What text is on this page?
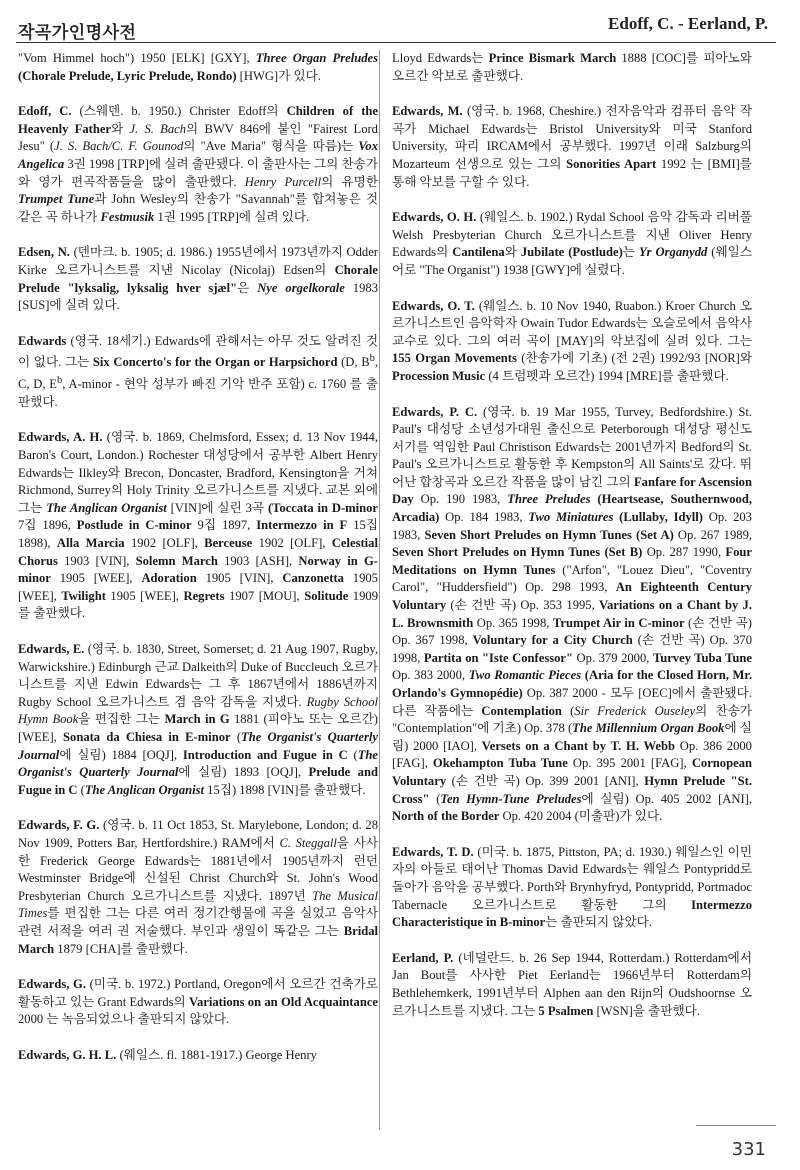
작곡가인명사전	Edoff, C. - Eerland, P.

"Vom Himmel hoch") 1950 [ELK] [GXY], Three Organ Preludes (Chorale Prelude, Lyric Prelude, Rondo) [HWG]가 있다.

Edoff, C. (스웨덴. b. 1950.) Christer Edoff의 Children of the Heavenly Father와 J. S. Bach의 BWV 846에 붙인 "Fairest Lord Jesu" (J. S. Bach/C. F. Gounod의 "Ave Maria" 형식을 따름)는 Vox Angelica 3권 1998 [TRP]에 실려 출판됐다. 이 출판사는 그의 찬송가와 영가 편곡작품들을 많이 출판했다. Henry Purcell의 유명한 Trumpet Tune과 John Wesley의 찬송가 "Savannah"를 합쳐놓은 것 같은 곡 하나가 Festmusik 1권 1995 [TRP]에 실려 있다.

Edsen, N. (덴마크. b. 1905; d. 1986.) 1955년에서 1973년까지 Odder Kirke 오르가니스트를 지낸 Nicolay (Nicolaj) Edsen의 Chorale Prelude "lyksalig, lyksalig hver sjæl"은 Nye orgelkorale 1983 [SUS]에 실려 있다.

Edwards (영국. 18세기.) Edwards에 관해서는 아무 것도 알려진 것이 없다. 그는 Six Concerto's for the Organ or Harpsichord (D, $B^b$, C, D, $E^b$, A-minor - 현악 성부가 빠진 기악 반주 포함) c. 1760 를 출판했다.

Edwards, A. H. (영국. b. 1869, Chelmsford, Essex; d. 13 Nov 1944, Baron's Court, London.) Rochester 대성당에서 공부한 Albert Henry Edwards는 Ilkley와 Brecon, Doncaster, Bradford, Kensington을 거쳐 Richmond, Surrey의 Holy Trinity 오르가니스트를 지냈다. 교본 외에 그는 The Anglican Organist [VIN]에 실린 3곡 (Toccata in D-minor 7집 1896, Postlude in C-minor 9집 1897, Intermezzo in F 15집 1898), Alla Marcia 1902 [OLF], Berceuse 1902 [OLF], Celestial Chorus 1903 [VIN], Solemn March 1903 [ASH], Norway in G-minor 1905 [WEE], Adoration 1905 [VIN], Canzonetta 1905 [WEE], Twilight 1905 [WEE], Regrets 1907 [MOU], Solitude 1909 를 출판했다.

Edwards, E. (영국. b. 1830, Street, Somerset; d. 21 Aug 1907, Rugby, Warwickshire.) Edinburgh 근교 Dalkeith의 Duke of Buccleuch 오르가니스트를 지낸 Edwin Edwards는 그 후 1867년에서 1886년까지 Rugby School 오르가니스트 겸 음악 감독을 지냈다. Rugby School Hymn Book을 편집한 그는 March in G 1881 (피아노 또는 오르간) [WEE], Sonata da Chiesa in E-minor (The Organist's Quarterly Journal에 실림) 1884 [OQJ], Introduction and Fugue in C (The Organist's Quarterly Journal에 실림) 1893 [OQJ], Prelude and Fugue in C (The Anglican Organist 15집) 1898 [VIN]를 출판했다.

Edwards, F. G. (영국. b. 11 Oct 1853, St. Marylebone, London; d. 28 Nov 1909, Potters Bar, Hertfordshire.) RAM에서 C. Steggall을 사사한 Frederick George Edwards는 1881년에서 1905년까지 런던 Westminster Bridge에 신설된 Christ Church와 St. John's Wood Presbyterian Church 오르가니스트를 지냈다. 1897년 The Musical Times를 편집한 그는 다른 여러 정기간행물에 곡을 실었고 음악사 관련 서적을 여러 권 저술했다. 부인과 생일이 똑같은 그는 Bridal March 1879 [CHA]를 출판했다.

Edwards, G. (미국. b. 1972.) Portland, Oregon에서 오르간 건축가로 활동하고 있는 Grant Edwards의 Variations on an Old Acquaintance 2000 는 녹음되었으나 출판되지 않았다.

Edwards, G. H. L. (웨일스. fl. 1881-1917.) George Henry

Lloyd Edwards는 Prince Bismark March 1888 [COC]를 피아노와 오르간 악보로 출판했다.

Edwards, M. (영국. b. 1968, Cheshire.) 전자음악과 컴퓨터 음악 작곡가 Michael Edwards는 Bristol University와 미국 Stanford University, 파리 IRCAM에서 공부했다. 1997년 이래 Salzburg의 Mozarteum 선생으로 있는 그의 Sonorities Apart 1992 는 [BMI]를 통해 악보를 구할 수 있다.

Edwards, O. H. (웨일스. b. 1902.) Rydal School 음악 감독과 리버풀 Welsh Presbyterian Church 오르가니스트를 지낸 Oliver Henry Edwards의 Cantilena와 Jubilate (Postlude)는 Yr Organydd (웨일스어로 "The Organist") 1938 [GWY]에 실렸다.

Edwards, O. T. (웨일스. b. 10 Nov 1940, Ruabon.) Kroer Church 오르가니스트인 음악학자 Owain Tudor Edwards는 오슬로에서 음악사 교수로 있다. 그의 여러 곡이 [MAY]의 악보집에 실려 있다. 그는 155 Organ Movements (찬송가에 기초) (전 2권) 1992/93 [NOR]와 Procession Music (4 트럼펫과 오르간) 1994 [MRE]를 출판했다.

Edwards, P. C. (영국. b. 19 Mar 1955, Turvey, Bedfordshire.) St. Paul's 대성당 소년성가대원 출신으로 Peterborough 대성당 평신도 서기를 역임한 Paul Christison Edwards는 2001년까지 Bedford의 St. Paul's 오르가니스트로 활동한 후 Kempston의 All Saints'로 갔다. 뛰어난 합창곡과 오르간 작품을 많이 남긴 그의 Fanfare for Ascension Day Op. 190 1983, Three Preludes (Heartsease, Southernwood, Arcadia) Op. 184 1983, Two Miniatures (Lullaby, Idyll) Op. 203 1983, Seven Short Preludes on Hymn Tunes (Set A) Op. 267 1989, Seven Short Preludes on Hymn Tunes (Set B) Op. 287 1990, Four Meditations on Hymn Tunes ("Arfon", "Louez Dieu", "Coventry Carol", "Huddersfield") Op. 298 1993, An Eighteenth Century Voluntary (손 건반 곡) Op. 353 1995, Variations on a Chant by J. L. Brownsmith Op. 365 1998, Trumpet Air in C-minor (손 건반 곡) Op. 367 1998, Voluntary for a City Church (손 건반 곡) Op. 370 1998, Partita on "Iste Confessor" Op. 379 2000, Turvey Tuba Tune Op. 383 2000, Two Romantic Pieces (Aria for the Closed Horn, Mr. Orlando's Gymnopédie) Op. 387 2000 - 모두 [OEC]에서 출판됐다. 다른 작품에는 Contemplation (Sir Frederick Ouseley의 찬송가 "Contemplation"에 기초) Op. 378 (The Millennium Organ Book에 실림) 2000 [IAO], Versets on a Chant by T. H. Webb Op. 386 2000 [FAG], Okehampton Tuba Tune Op. 395 2001 [FAG], Cornopean Voluntary (손 건반 곡) Op. 399 2001 [ANI], Hymn Prelude "St. Cross" (Ten Hymn-Tune Preludes에 실림) Op. 405 2002 [ANI], North of the Border Op. 420 2004 (미출판)가 있다.

Edwards, T. D. (미국. b. 1875, Pittston, PA; d. 1930.) 웨일스인 이민자의 아들로 태어난 Thomas David Edwards는 웨일스 Pontypridd로 돌아가 음악을 공부했다. Porth와 Brynhyfryd, Pontypridd, Portmadoc Tabernacle 오르가니스트로 활동한 그의 Intermezzo Characteristique in B-minor는 출판되지 않았다.

Eerland, P. (네덜란드. b. 26 Sep 1944, Rotterdam.) Rotterdam에서 Jan Bout를 사사한 Piet Eerland는 1966년부터 Rotterdam의 Bethlehemkerk, 1991년부터 Alphen aan den Rijn의 Oudshoornse 오르가니스트를 지냈다. 그는 5 Psalmen [WSN]을 출판했다.

331
